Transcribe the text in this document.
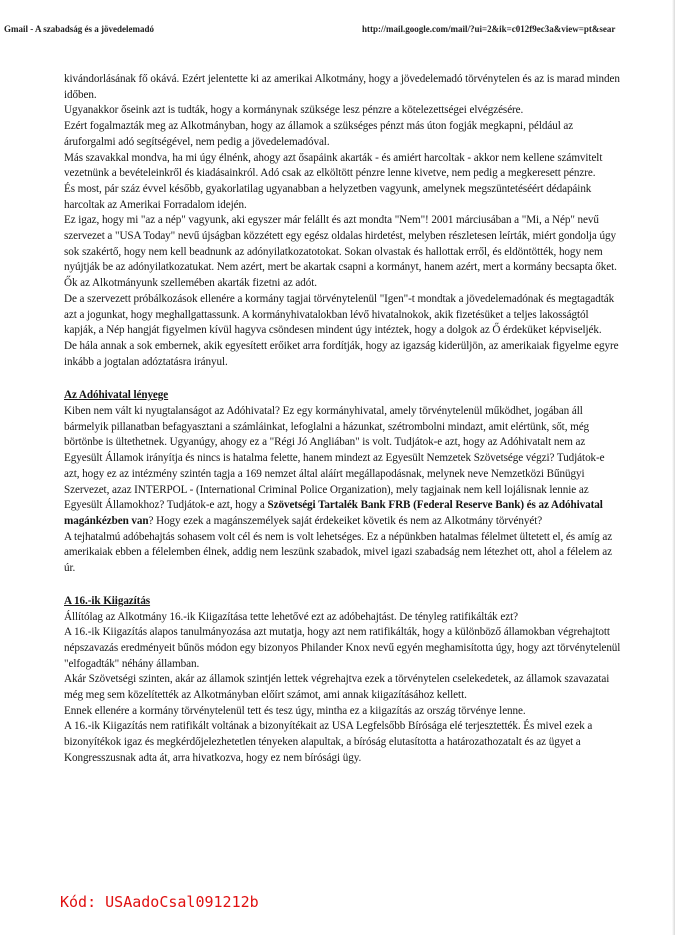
Gmail - A szabadság és a jövedelemadó	http://mail.google.com/mail/?ui=2&ik=c012f9ec3a&view=pt&sear

kivándorlásának fő okává. Ezért jelentette ki az amerikai Alkotmány, hogy a jövedelemadó törvénytelen és az is marad minden időben.

Ugyanakkor őseink azt is tudták, hogy a kormánynak szüksége lesz pénzre a kötelezettségei elvégzésére.

Ezért fogalmazták meg az Alkotmányban, hogy az államok a szükséges pénzt más úton fogják megkapni, például az áruforgalmi adó segítségével, nem pedig a jövedelemadóval.

Más szavakkal mondva, ha mi úgy élnénk, ahogy azt ősapáink akarták - és amiért harcoltak - akkor nem kellene számvitelt vezetnünk a bevételeinkről és kiadásainkról. Adó csak az elköltött pénzre lenne kivetve, nem pedig a megkeresett pénzre.

És most, pár száz évvel később, gyakorlatilag ugyanabban a helyzetben vagyunk, amelynek megszüntetéséért dédapáink harcoltak az Amerikai Forradalom idején.

Ez igaz, hogy mi "az a nép" vagyunk, aki egyszer már felállt és azt mondta "Nem"! 2001 márciusában a "Mi, a Nép" nevű szervezet a "USA Today" nevű újságban közzétett egy egész oldalas hirdetést, melyben részletesen leírták, miért gondolja úgy sok szakértő, hogy nem kell beadnunk az adónyilatkozatotokat. Sokan olvastak és hallottak erről, és eldöntötték, hogy nem nyújtják be az adónyilatkozatukat. Nem azért, mert be akartak csapni a kormányt, hanem azért, mert a kormány becsapta őket. Ők az Alkotmányunk szellemében akarták fizetni az adót.

De a szervezett próbálkozások ellenére a kormány tagjai törvénytelenül "Igen"-t mondtak a jövedelemadónak és megtagadták azt a jogunkat, hogy meghallgattassunk. A kormányhivatalokban lévő hivatalnokok, akik fizetésüket a teljes lakosságtól kapják, a Nép hangját figyelmen kívül hagyva csöndesen mindent úgy intéztek, hogy a dolgok az Ő érdeküket képviseljék.

De hála annak a sok embernek, akik egyesített erőiket arra fordítják, hogy az igazság kiderüljön, az amerikaiak figyelme egyre inkább a jogtalan adóztatásra irányul.

Az Adóhivatal lényege

Kiben nem vált ki nyugtalanságot az Adóhivatal? Ez egy kormányhivatal, amely törvénytelenül működhet, jogában áll bármelyik pillanatban befagyasztani a számláinkat, lefoglalni a házunkat, szétrombolni mindazt, amit elértünk, sőt, még börtönbe is ültethetnek. Ugyanúgy, ahogy ez a "Régi Jó Angliában" is volt. Tudjátok-e azt, hogy az Adóhivatalt nem az Egyesült Államok irányítja és nincs is hatalma felette, hanem mindezt az Egyesült Nemzetek Szövetsége végzi? Tudjátok-e azt, hogy ez az intézmény szintén tagja a 169 nemzet által aláírt megállapodásnak, melynek neve Nemzetközi Bűnügyi Szervezet, azaz INTERPOL - (International Criminal Police Organization), mely tagjainak nem kell lojálisnak lennie az Egyesült Államokhoz? Tudjátok-e azt, hogy a Szövetségi Tartalék Bank FRB (Federal Reserve Bank) és az Adóhivatal magánkézben van? Hogy ezek a magánszemélyek saját érdekeiket követik és nem az Alkotmány törvényét?

A tejhatalmú adóbehajtás sohasem volt cél és nem is volt lehetséges. Ez a népünkben hatalmas félelmet ültetett el, és amíg az amerikaiak ebben a félelemben élnek, addig nem leszünk szabadok, mivel igazi szabadság nem létezhet ott, ahol a félelem az úr.

A 16.-ik Kiigazítás

Állítólag az Alkotmány 16.-ik Kiigazítása tette lehetővé ezt az adóbehajtást. De tényleg ratifikálták ezt?

A 16.-ik Kiigazítás alapos tanulmányozása azt mutatja, hogy azt nem ratifikálták, hogy a különböző államokban végrehajtott népszavazás eredményeit bűnös módon egy bizonyos Philander Knox nevű egyén meghamisította úgy, hogy azt törvénytelenül "elfogadták" néhány államban.

Akár Szövetségi szinten, akár az államok szintjén lettek végrehajtva ezek a törvénytelen cselekedetek, az államok szavazatai még meg sem közelítették az Alkotmányban előírt számot, ami annak kiigazításához kellett.

Ennek ellenére a kormány törvénytelenül tett és tesz úgy, mintha ez a kiigazítás az ország törvénye lenne.

A 16.-ik Kiigazítás nem ratifikált voltának a bizonyítékait az USA Legfelsőbb Bírósága elé terjesztették. És mivel ezek a bizonyítékok igaz és megkérdőjelezhetetlen tényeken alapultak, a bíróság elutasította a határozathozatalt és az ügyet a Kongresszusnak adta át, arra hivatkozva, hogy ez nem bírósági ügy.

Kód: USAadoCsal091212b
